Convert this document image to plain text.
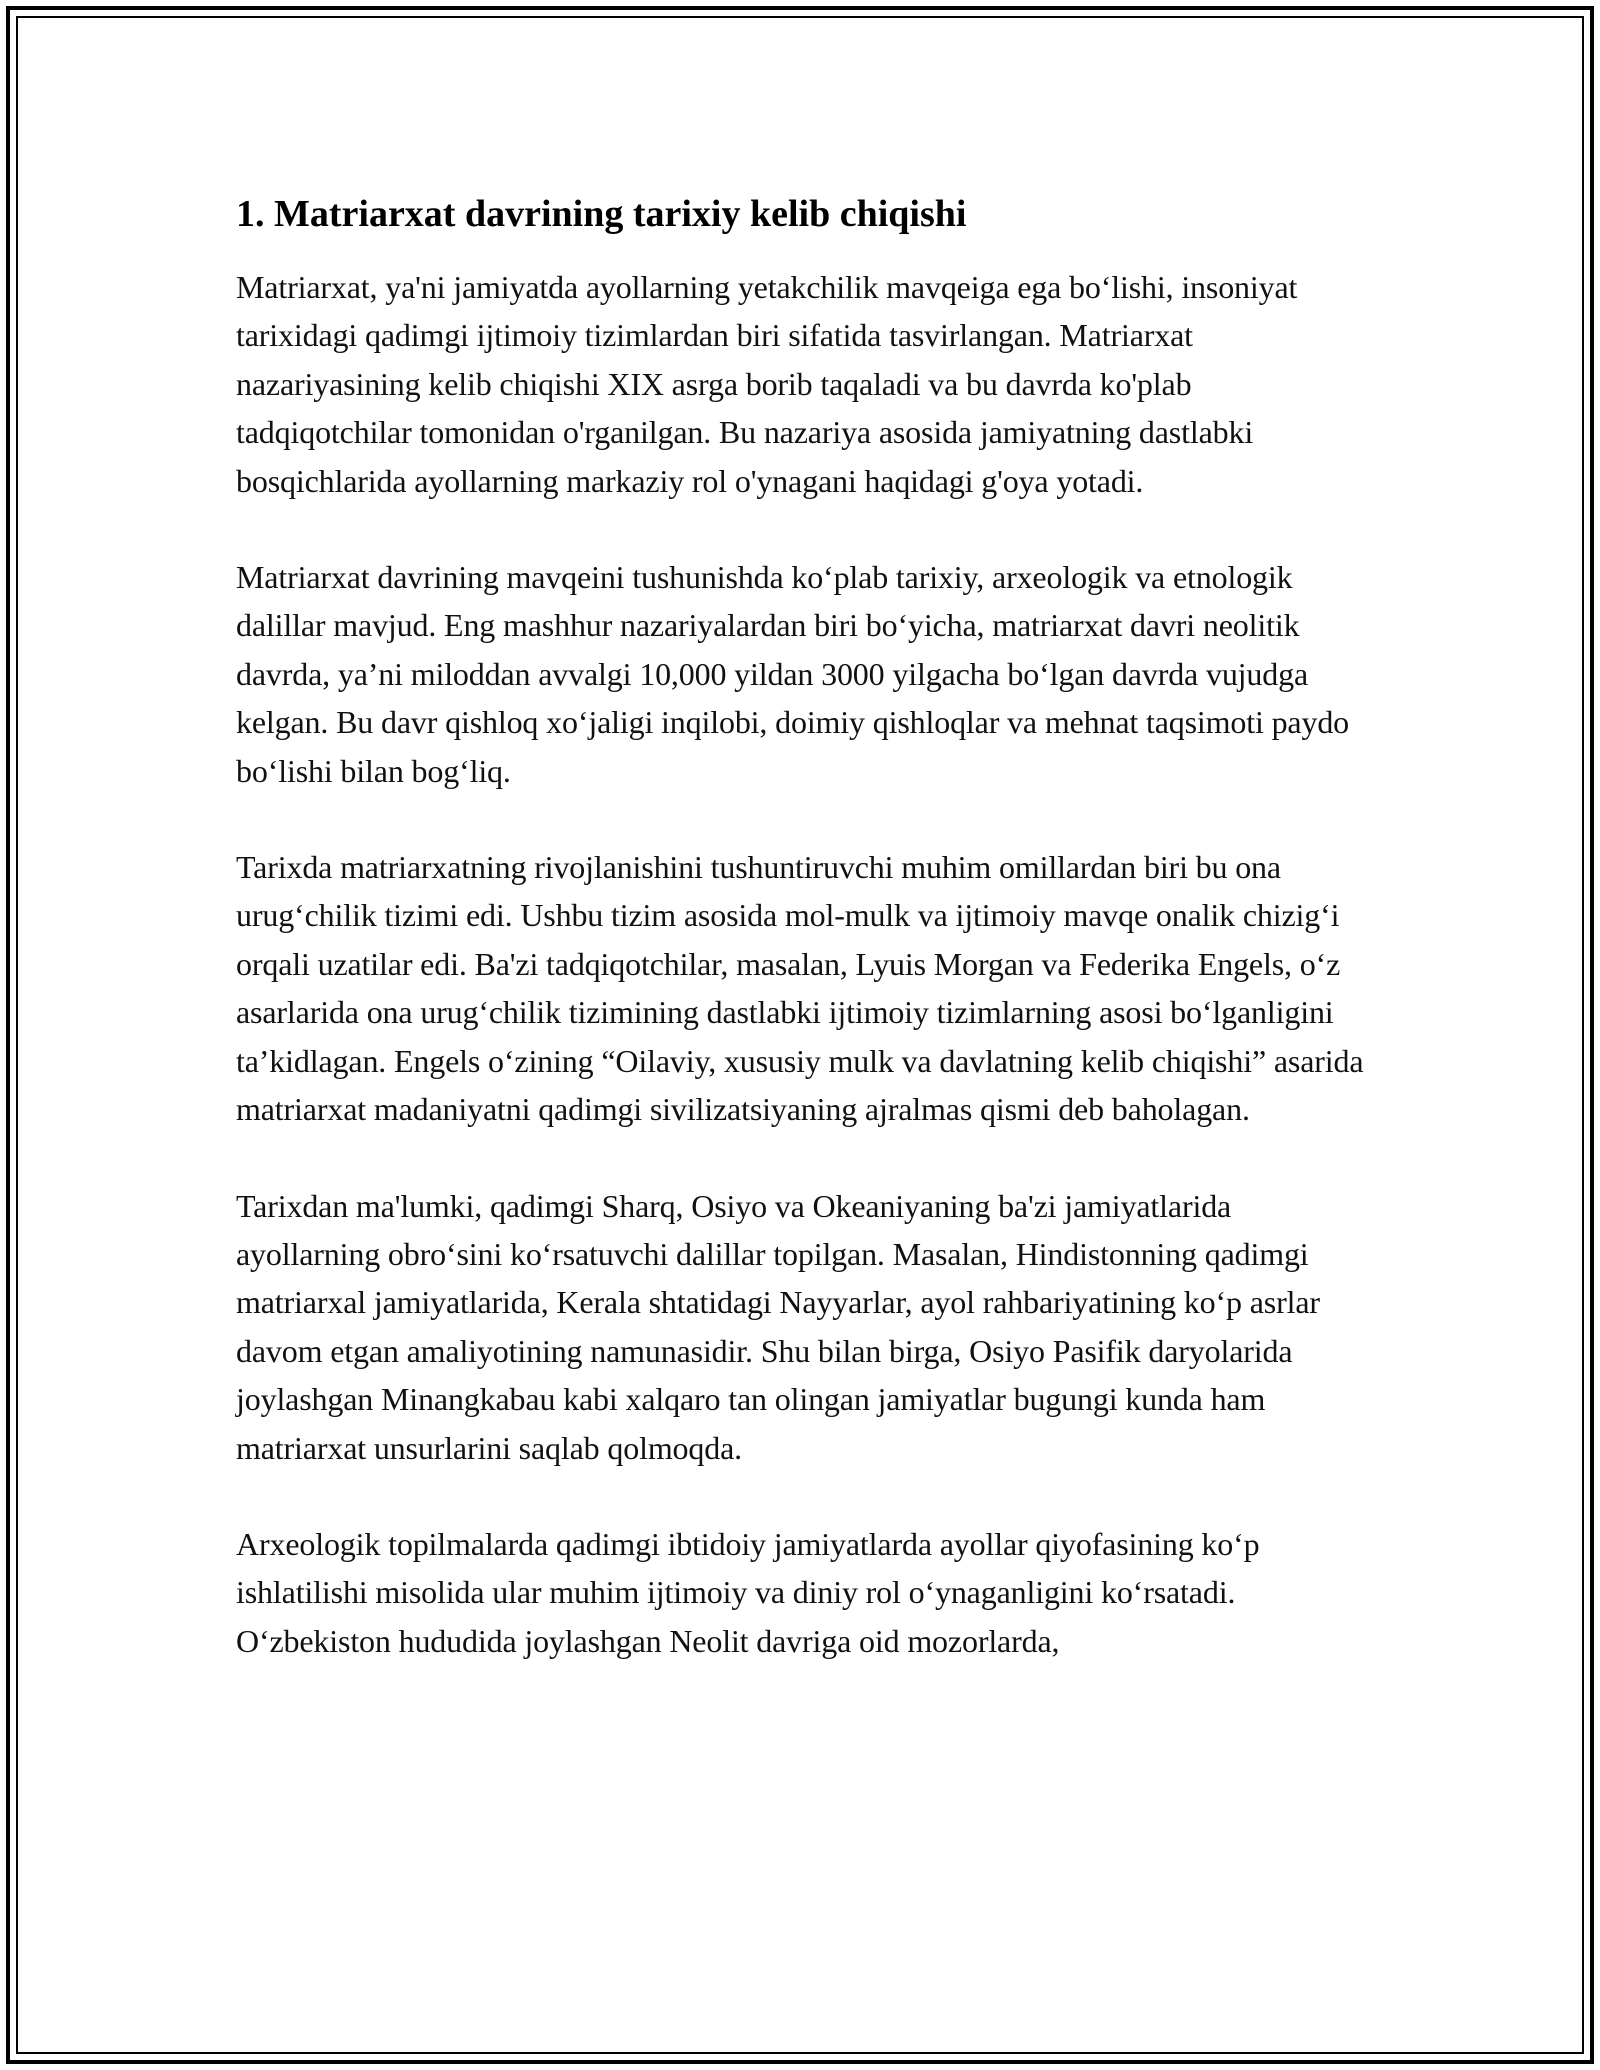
1. Matriarxat davrining tarixiy kelib chiqishi

Matriarxat, ya'ni jamiyatda ayollarning yetakchilik mavqeiga ega boʻlishi, insoniyat tarixidagi qadimgi ijtimoiy tizimlardan biri sifatida tasvirlangan. Matriarxat nazariyasining kelib chiqishi XIX asrga borib taqaladi va bu davrda ko'plab tadqiqotchilar tomonidan o'rganilgan. Bu nazariya asosida jamiyatning dastlabki bosqichlarida ayollarning markaziy rol o'ynagani haqidagi g'oya yotadi.

Matriarxat davrining mavqeini tushunishda koʻplab tarixiy, arxeologik va etnologik dalillar mavjud. Eng mashhur nazariyalardan biri boʻyicha, matriarxat davri neolitik davrda, ya’ni miloddan avvalgi 10,000 yildan 3000 yilgacha boʻlgan davrda vujudga kelgan. Bu davr qishloq xoʻjaligi inqilobi, doimiy qishloqlar va mehnat taqsimoti paydo boʻlishi bilan bogʻliq.

Tarixda matriarxatning rivojlanishini tushuntiruvchi muhim omillardan biri bu ona urugʻchilik tizimi edi. Ushbu tizim asosida mol-mulk va ijtimoiy mavqe onalik chizigʻi orqali uzatilar edi. Ba'zi tadqiqotchilar, masalan, Lyuis Morgan va Federika Engels, oʻz asarlarida ona urugʻchilik tizimining dastlabki ijtimoiy tizimlarning asosi boʻlganligini ta’kidlagan. Engels oʻzining “Oilaviy, xususiy mulk va davlatning kelib chiqishi” asarida matriarxat madaniyatni qadimgi sivilizatsiyaning ajralmas qismi deb baholagan.

Tarixdan ma'lumki, qadimgi Sharq, Osiyo va Okeaniyaning ba'zi jamiyatlarida ayollarning obroʻsini koʻrsatuvchi dalillar topilgan. Masalan, Hindistonning qadimgi matriarxal jamiyatlarida, Kerala shtatidagi Nayyarlar, ayol rahbariyatining koʻp asrlar davom etgan amaliyotining namunasidir. Shu bilan birga, Osiyo Pasifik daryolarida joylashgan Minangkabau kabi xalqaro tan olingan jamiyatlar bugungi kunda ham matriarxat unsurlarini saqlab qolmoqda.

Arxeologik topilmalarda qadimgi ibtidoiy jamiyatlarda ayollar qiyofasining koʻp ishlatilishi misolida ular muhim ijtimoiy va diniy rol oʻynaganligini koʻrsatadi. Oʻzbekiston hududida joylashgan Neolit davriga oid mozorlarda,
